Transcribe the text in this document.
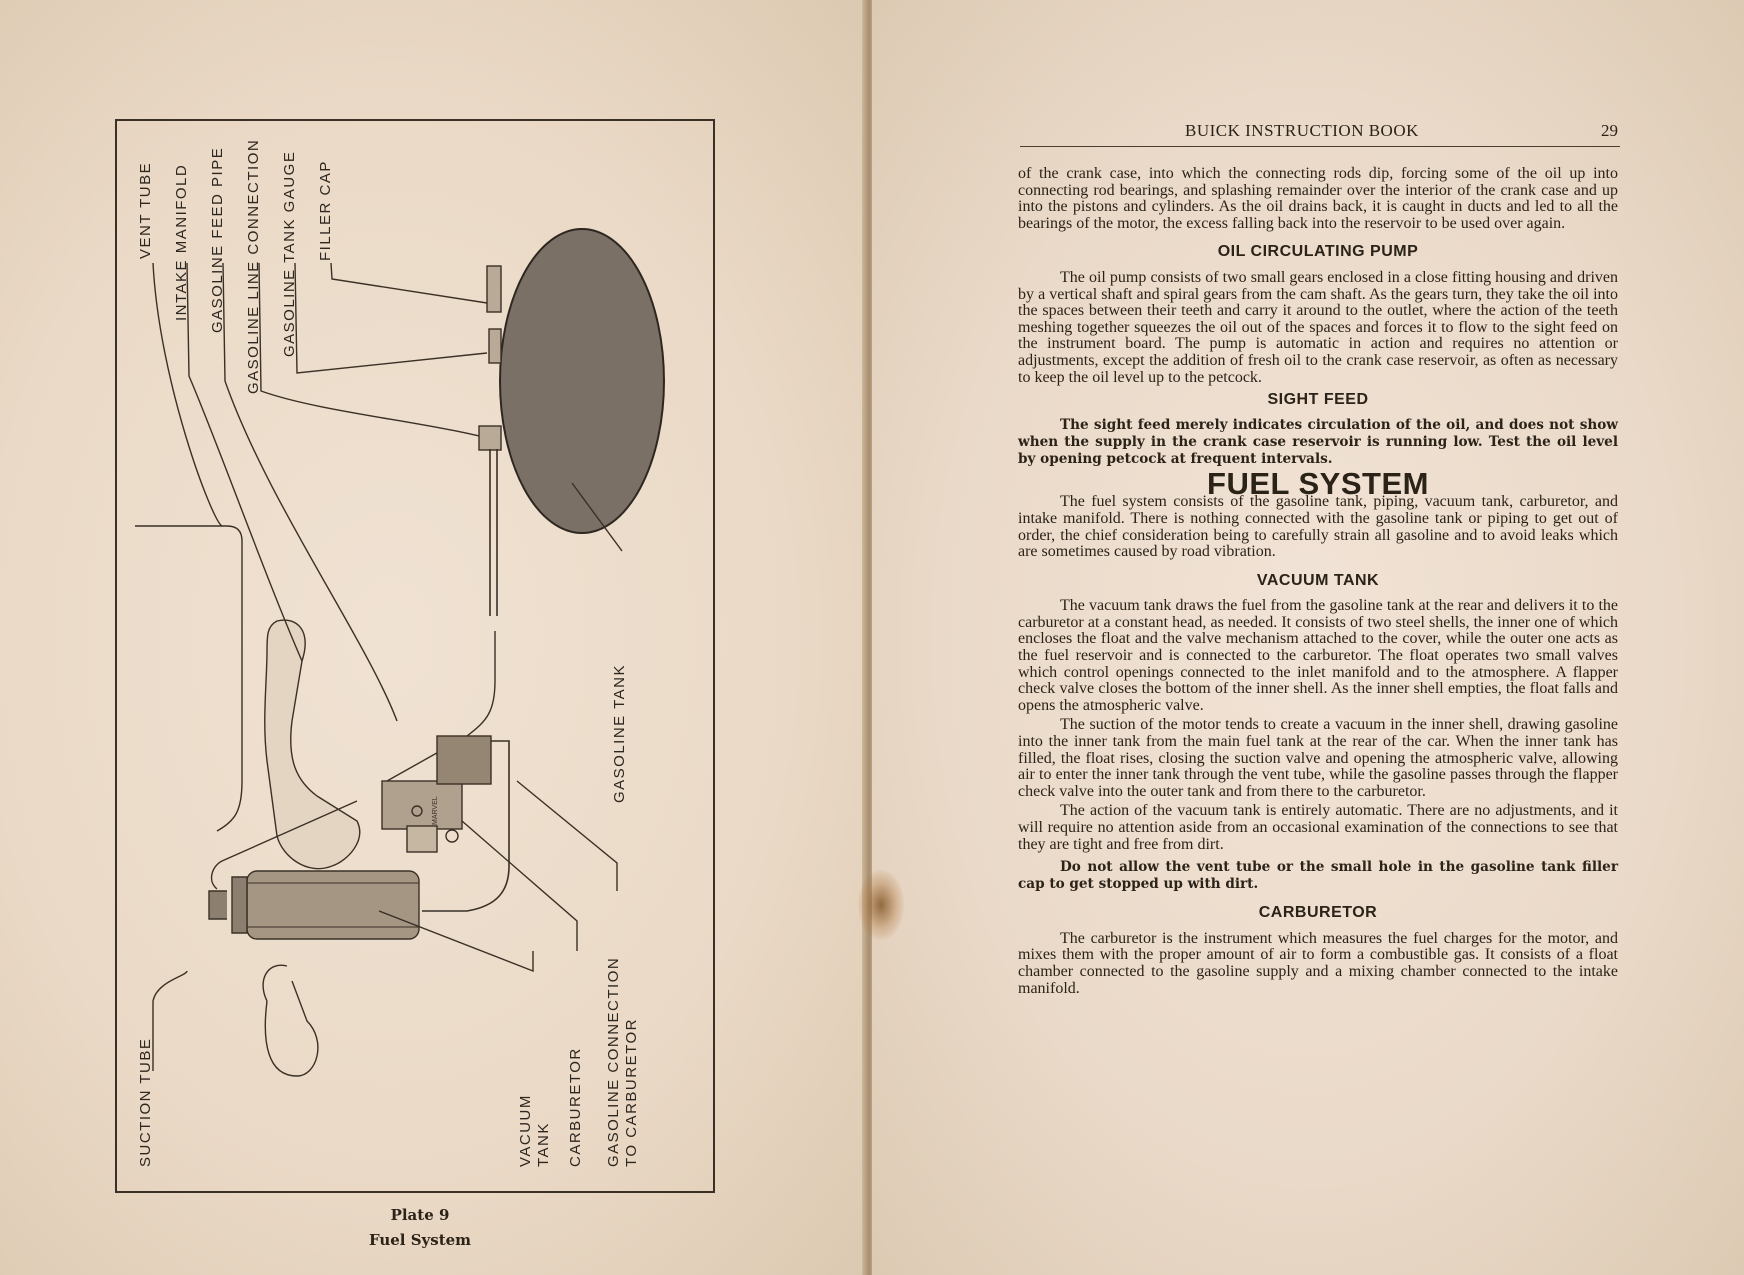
MARVEL
VENT TUBE INTAKE MANIFOLD GASOLINE FEED PIPE GASOLINE LINE CONNECTION GASOLINE TANK GAUGE FILLER CAP
GASOLINE TANK
SUCTION TUBE	VACUUM TANK CARBURETOR GASOLINE CONNECTION TO CARBURETOR
Plate 9
Fuel System
BUICK INSTRUCTION BOOK	29

of the crank case, into which the connecting rods dip, forcing some of the oil up into connecting rod bearings, and splashing remainder over the interior of the crank case and up into the pistons and cylinders. As the oil drains back, it is caught in ducts and led to all the bearings of the motor, the excess falling back into the reservoir to be used over again.

OIL CIRCULATING PUMP

The oil pump consists of two small gears enclosed in a close fitting housing and driven by a vertical shaft and spiral gears from the cam shaft. As the gears turn, they take the oil into the spaces between their teeth and carry it around to the outlet, where the action of the teeth meshing together squeezes the oil out of the spaces and forces it to flow to the sight feed on the instrument board. The pump is automatic in action and requires no attention or adjustments, except the addition of fresh oil to the crank case reservoir, as often as necessary to keep the oil level up to the petcock.

SIGHT FEED

The sight feed merely indicates circulation of the oil, and does not show when the supply in the crank case reservoir is running low. Test the oil level by opening petcock at frequent intervals.

FUEL SYSTEM

The fuel system consists of the gasoline tank, piping, vacuum tank, carburetor, and intake manifold. There is nothing connected with the gasoline tank or piping to get out of order, the chief consideration being to carefully strain all gasoline and to avoid leaks which are sometimes caused by road vibration.

VACUUM TANK

The vacuum tank draws the fuel from the gasoline tank at the rear and delivers it to the carburetor at a constant head, as needed. It consists of two steel shells, the inner one of which encloses the float and the valve mechanism attached to the cover, while the outer one acts as the fuel reservoir and is connected to the carburetor. The float operates two small valves which control openings connected to the inlet manifold and to the atmosphere. A flapper check valve closes the bottom of the inner shell. As the inner shell empties, the float falls and opens the atmospheric valve.

The suction of the motor tends to create a vacuum in the inner shell, drawing gasoline into the inner tank from the main fuel tank at the rear of the car. When the inner tank has filled, the float rises, closing the suction valve and opening the atmospheric valve, allowing air to enter the inner tank through the vent tube, while the gasoline passes through the flapper check valve into the outer tank and from there to the carburetor.

The action of the vacuum tank is entirely automatic. There are no adjustments, and it will require no attention aside from an occasional examination of the connections to see that they are tight and free from dirt.

Do not allow the vent tube or the small hole in the gasoline tank filler cap to get stopped up with dirt.

CARBURETOR

The carburetor is the instrument which measures the fuel charges for the motor, and mixes them with the proper amount of air to form a combustible gas. It consists of a float chamber connected to the gasoline supply and a mixing chamber connected to the intake manifold.
